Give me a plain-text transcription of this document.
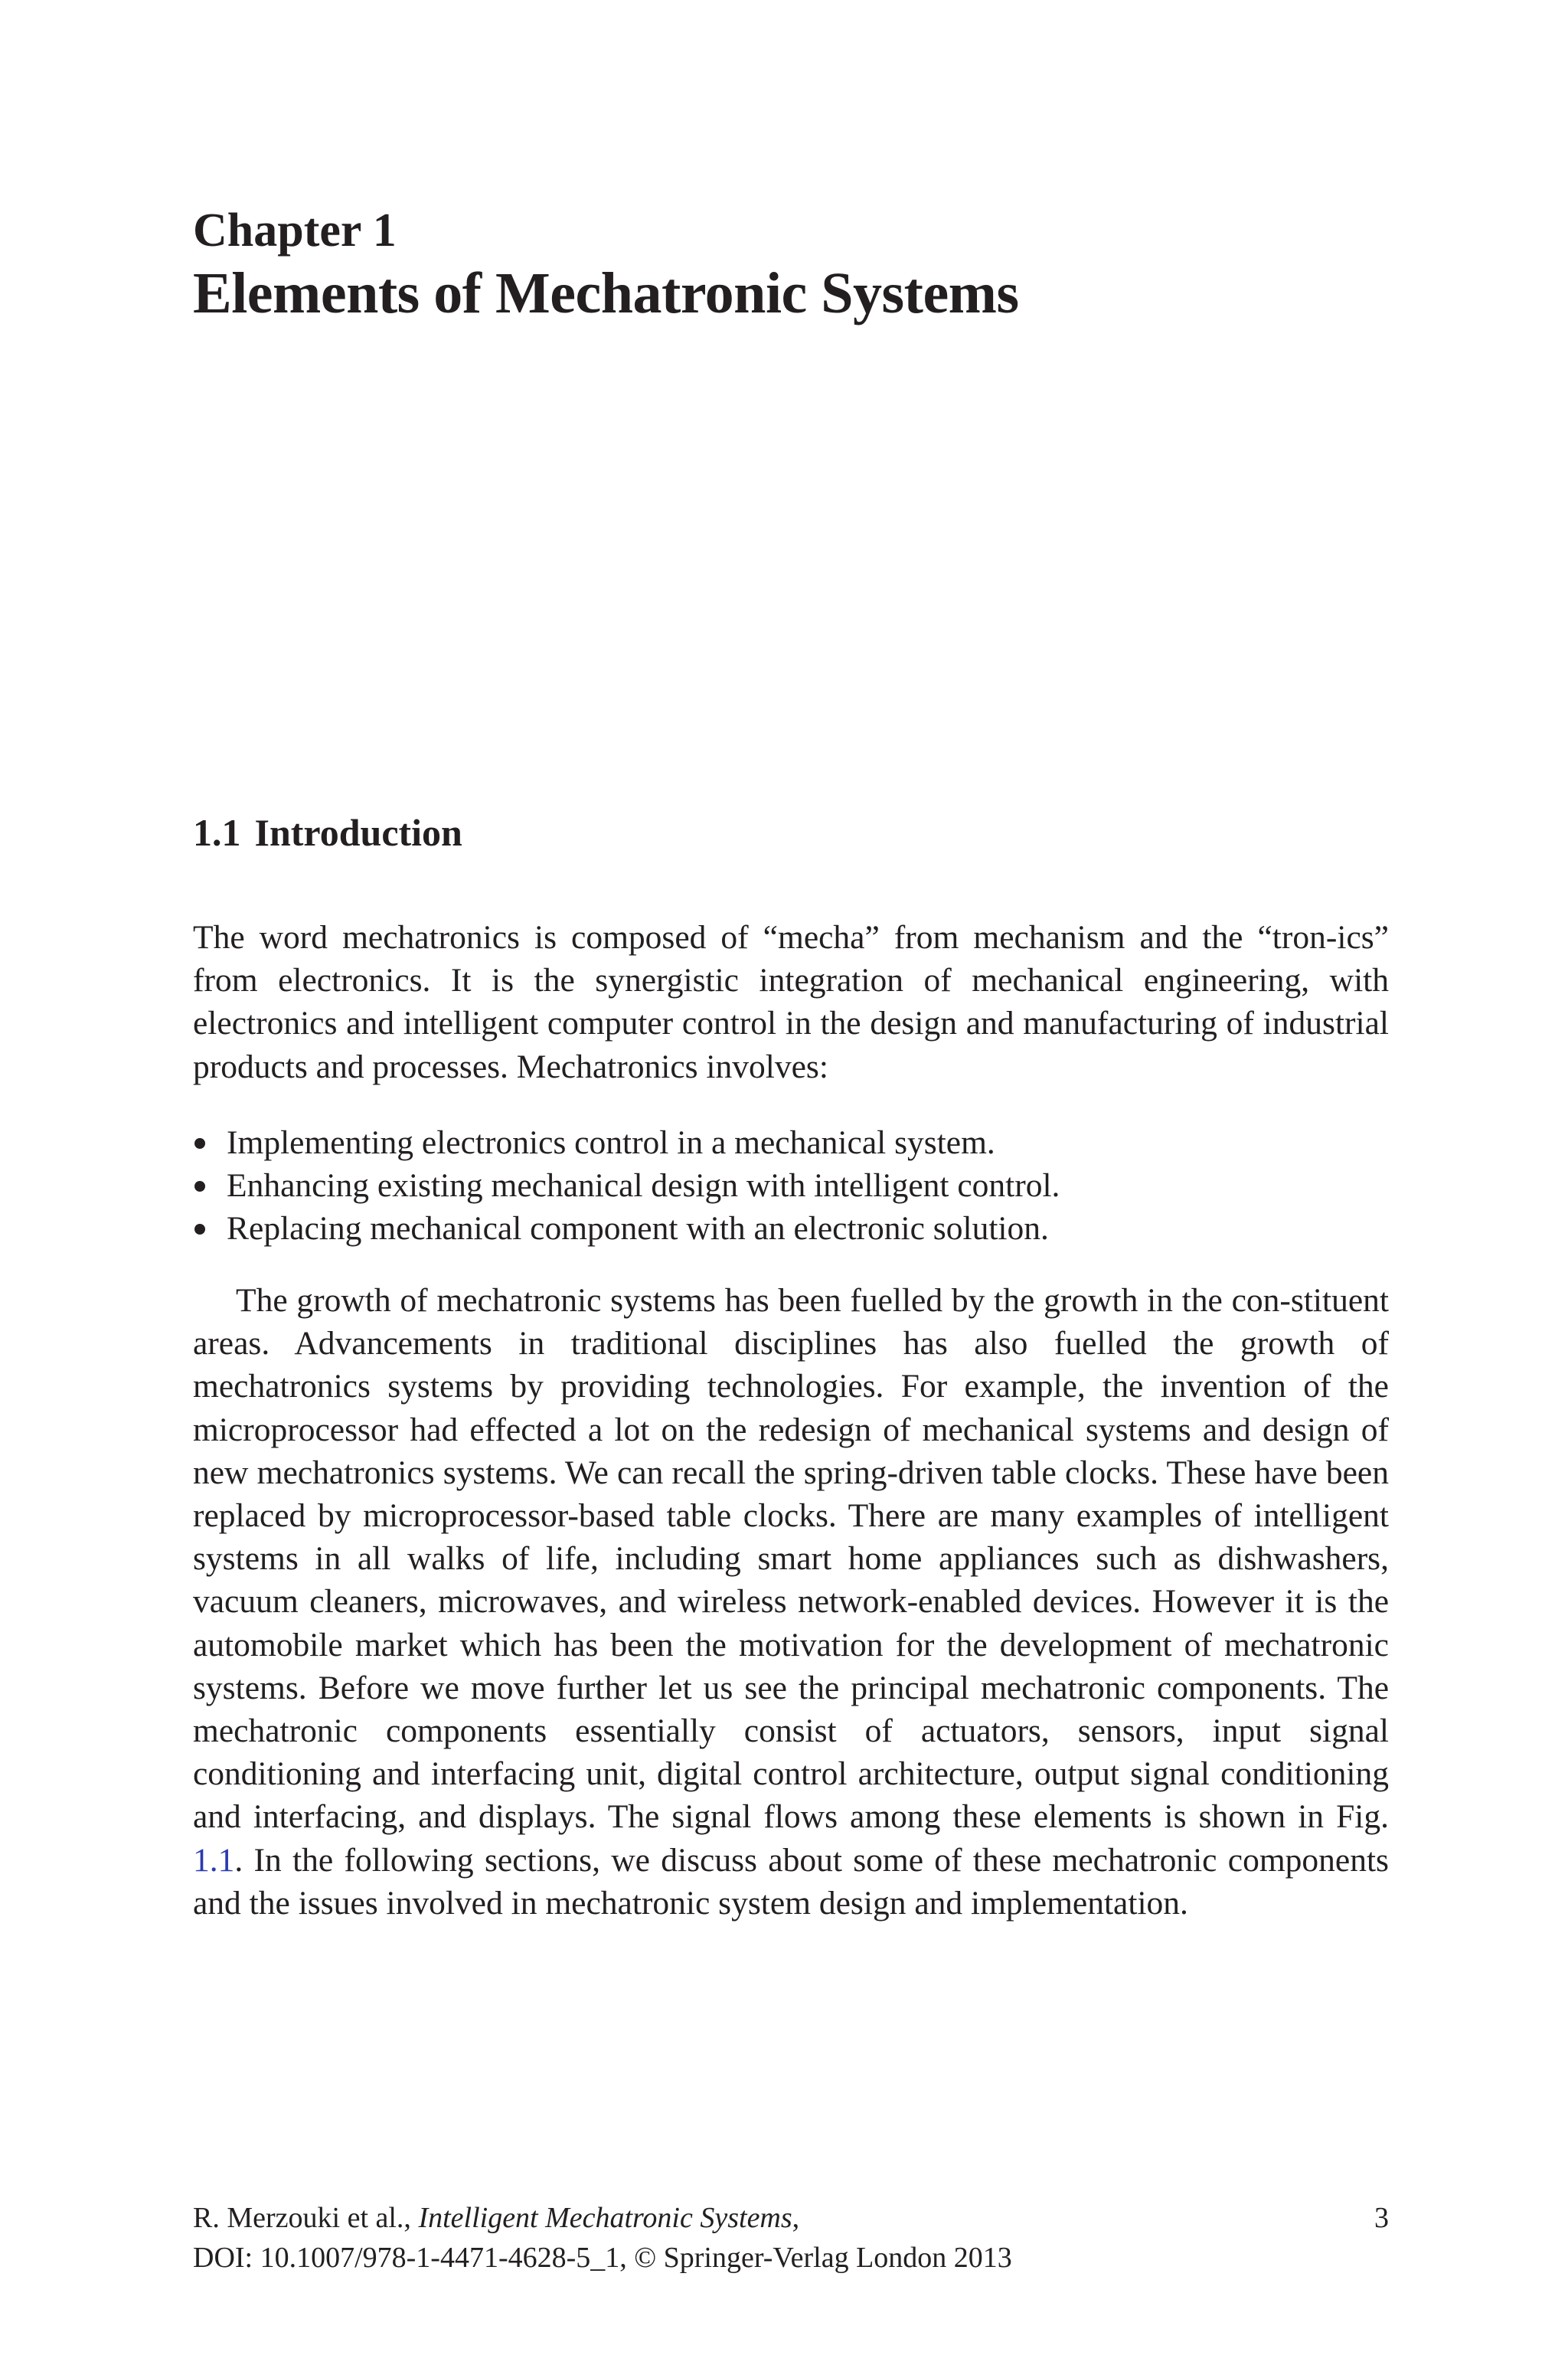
Chapter 1
Elements of Mechatronic Systems
1.1 Introduction

The word mechatronics is composed of “mecha” from mechanism and the “tron-ics” from electronics. It is the synergistic integration of mechanical engineering, with electronics and intelligent computer control in the design and manufacturing of industrial products and processes. Mechatronics involves:

Implementing electronics control in a mechanical system.
Enhancing existing mechanical design with intelligent control.
Replacing mechanical component with an electronic solution.

The growth of mechatronic systems has been fuelled by the growth in the con-stituent areas. Advancements in traditional disciplines has also fuelled the growth of mechatronics systems by providing technologies. For example, the invention of the microprocessor had effected a lot on the redesign of mechanical systems and design of new mechatronics systems. We can recall the spring-driven table clocks. These have been replaced by microprocessor-based table clocks. There are many examples of intelligent systems in all walks of life, including smart home appliances such as dishwashers, vacuum cleaners, microwaves, and wireless network-enabled devices. However it is the automobile market which has been the motivation for the development of mechatronic systems. Before we move further let us see the principal mechatronic components. The mechatronic components essentially consist of actuators, sensors, input signal conditioning and interfacing unit, digital control architecture, output signal conditioning and interfacing, and displays. The signal flows among these elements is shown in Fig. 1.1. In the following sections, we discuss about some of these mechatronic components and the issues involved in mechatronic system design and implementation.

R. Merzouki et al., Intelligent Mechatronic Systems,
DOI: 10.1007/978-1-4471-4628-5_1, © Springer-Verlag London 2013
3
